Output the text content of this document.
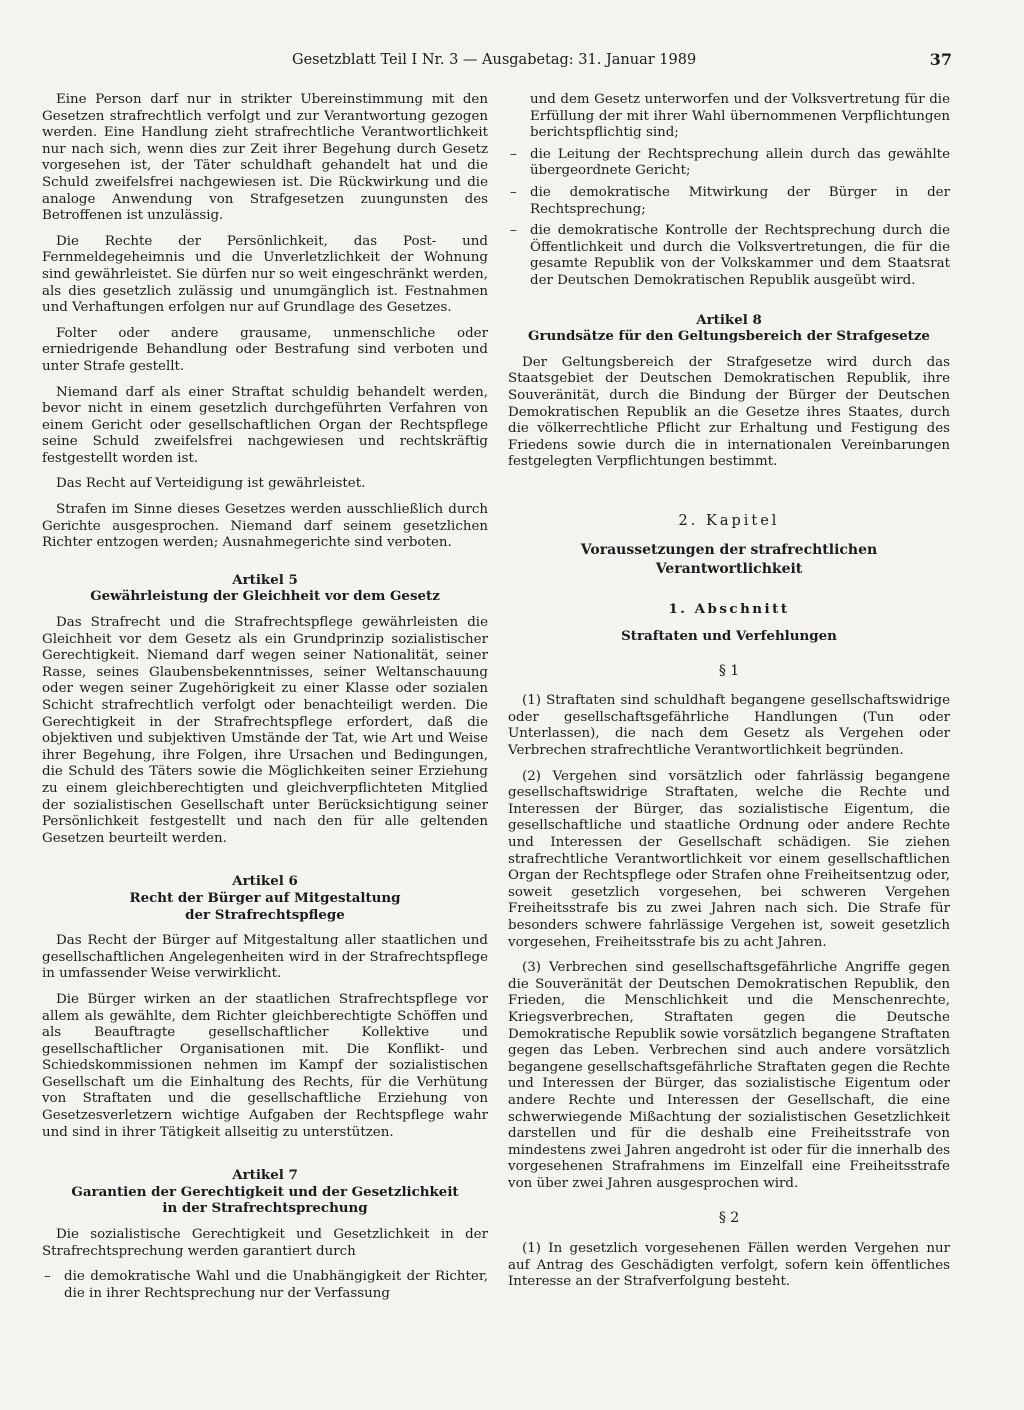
Gesetzblatt Teil I Nr. 3 — Ausgabetag: 31. Januar 1989	37

Eine Person darf nur in strikter Übereinstimmung mit den Gesetzen strafrechtlich verfolgt und zur Verantwortung gezogen werden. Eine Handlung zieht strafrechtliche Verantwortlichkeit nur nach sich, wenn dies zur Zeit ihrer Begehung durch Gesetz vorgesehen ist, der Täter schuldhaft gehandelt hat und die Schuld zweifelsfrei nachgewiesen ist. Die Rückwirkung und die analoge Anwendung von Strafgesetzen zuungunsten des Betroffenen ist unzulässig.

Die Rechte der Persönlichkeit, das Post- und Fernmeldegeheimnis und die Unverletzlichkeit der Wohnung sind gewährleistet. Sie dürfen nur so weit eingeschränkt werden, als dies gesetzlich zulässig und unumgänglich ist. Festnahmen und Verhaftungen erfolgen nur auf Grundlage des Gesetzes.

Folter oder andere grausame, unmenschliche oder erniedrigende Behandlung oder Bestrafung sind verboten und unter Strafe gestellt.

Niemand darf als einer Straftat schuldig behandelt werden, bevor nicht in einem gesetzlich durchgeführten Verfahren von einem Gericht oder gesellschaftlichen Organ der Rechtspflege seine Schuld zweifelsfrei nachgewiesen und rechtskräftig festgestellt worden ist.

Das Recht auf Verteidigung ist gewährleistet.

Strafen im Sinne dieses Gesetzes werden ausschließlich durch Gerichte ausgesprochen. Niemand darf seinem gesetzlichen Richter entzogen werden; Ausnahmegerichte sind verboten.

Artikel 5

Gewährleistung der Gleichheit vor dem Gesetz

Das Strafrecht und die Strafrechtspflege gewährleisten die Gleichheit vor dem Gesetz als ein Grundprinzip sozialistischer Gerechtigkeit. Niemand darf wegen seiner Nationalität, seiner Rasse, seines Glaubensbekenntnisses, seiner Weltanschauung oder wegen seiner Zugehörigkeit zu einer Klasse oder sozialen Schicht strafrechtlich verfolgt oder benachteiligt werden. Die Gerechtigkeit in der Strafrechtspflege erfordert, daß die objektiven und subjektiven Umstände der Tat, wie Art und Weise ihrer Begehung, ihre Folgen, ihre Ursachen und Bedingungen, die Schuld des Täters sowie die Möglichkeiten seiner Erziehung zu einem gleichberechtigten und gleichverpflichteten Mitglied der sozialistischen Gesellschaft unter Berücksichtigung seiner Persönlichkeit festgestellt und nach den für alle geltenden Gesetzen beurteilt werden.

Artikel 6

Recht der Bürger auf Mitgestaltung

der Strafrechtspflege

Das Recht der Bürger auf Mitgestaltung aller staatlichen und gesellschaftlichen Angelegenheiten wird in der Strafrechtspflege in umfassender Weise verwirklicht.

Die Bürger wirken an der staatlichen Strafrechtspflege vor allem als gewählte, dem Richter gleichberechtigte Schöffen und als Beauftragte gesellschaftlicher Kollektive und gesellschaftlicher Organisationen mit. Die Konflikt- und Schiedskommissionen nehmen im Kampf der sozialistischen Gesellschaft um die Einhaltung des Rechts, für die Verhütung von Straftaten und die gesellschaftliche Erziehung von Gesetzesverletzern wichtige Aufgaben der Rechtspflege wahr und sind in ihrer Tätigkeit allseitig zu unterstützen.

Artikel 7

Garantien der Gerechtigkeit und der Gesetzlichkeit

in der Strafrechtsprechung

Die sozialistische Gerechtigkeit und Gesetzlichkeit in der Strafrechtsprechung werden garantiert durch

– die demokratische Wahl und die Unabhängigkeit der Richter, die in ihrer Rechtsprechung nur der Verfassung

und dem Gesetz unterworfen und der Volksvertretung für die Erfüllung der mit ihrer Wahl übernommenen Verpflichtungen berichtspflichtig sind;

– die Leitung der Rechtsprechung allein durch das gewählte übergeordnete Gericht;

– die demokratische Mitwirkung der Bürger in der Rechtsprechung;

– die demokratische Kontrolle der Rechtsprechung durch die Öffentlichkeit und durch die Volksvertretungen, die für die gesamte Republik von der Volkskammer und dem Staatsrat der Deutschen Demokratischen Republik ausgeübt wird.

Artikel 8

Grundsätze für den Geltungsbereich der Strafgesetze

Der Geltungsbereich der Strafgesetze wird durch das Staatsgebiet der Deutschen Demokratischen Republik, ihre Souveränität, durch die Bindung der Bürger der Deutschen Demokratischen Republik an die Gesetze ihres Staates, durch die völkerrechtliche Pflicht zur Erhaltung und Festigung des Friedens sowie durch die in internationalen Vereinbarungen festgelegten Verpflichtungen bestimmt.

2. Kapitel

Voraussetzungen der strafrechtlichen

Verantwortlichkeit

1. Abschnitt

Straftaten und Verfehlungen

§ 1

(1) Straftaten sind schuldhaft begangene gesellschaftswidrige oder gesellschaftsgefährliche Handlungen (Tun oder Unterlassen), die nach dem Gesetz als Vergehen oder Verbrechen strafrechtliche Verantwortlichkeit begründen.

(2) Vergehen sind vorsätzlich oder fahrlässig begangene gesellschaftswidrige Straftaten, welche die Rechte und Interessen der Bürger, das sozialistische Eigentum, die gesellschaftliche und staatliche Ordnung oder andere Rechte und Interessen der Gesellschaft schädigen. Sie ziehen strafrechtliche Verantwortlichkeit vor einem gesellschaftlichen Organ der Rechtspflege oder Strafen ohne Freiheitsentzug oder, soweit gesetzlich vorgesehen, bei schweren Vergehen Freiheitsstrafe bis zu zwei Jahren nach sich. Die Strafe für besonders schwere fahrlässige Vergehen ist, soweit gesetzlich vorgesehen, Freiheitsstrafe bis zu acht Jahren.

(3) Verbrechen sind gesellschaftsgefährliche Angriffe gegen die Souveränität der Deutschen Demokratischen Republik, den Frieden, die Menschlichkeit und die Menschenrechte, Kriegsverbrechen, Straftaten gegen die Deutsche Demokratische Republik sowie vorsätzlich begangene Straftaten gegen das Leben. Verbrechen sind auch andere vorsätzlich begangene gesellschaftsgefährliche Straftaten gegen die Rechte und Interessen der Bürger, das sozialistische Eigentum oder andere Rechte und Interessen der Gesellschaft, die eine schwerwiegende Mißachtung der sozialistischen Gesetzlichkeit darstellen und für die deshalb eine Freiheitsstrafe von mindestens zwei Jahren angedroht ist oder für die innerhalb des vorgesehenen Strafrahmens im Einzelfall eine Freiheitsstrafe von über zwei Jahren ausgesprochen wird.

§ 2

(1) In gesetzlich vorgesehenen Fällen werden Vergehen nur auf Antrag des Geschädigten verfolgt, sofern kein öffentliches Interesse an der Strafverfolgung besteht.
